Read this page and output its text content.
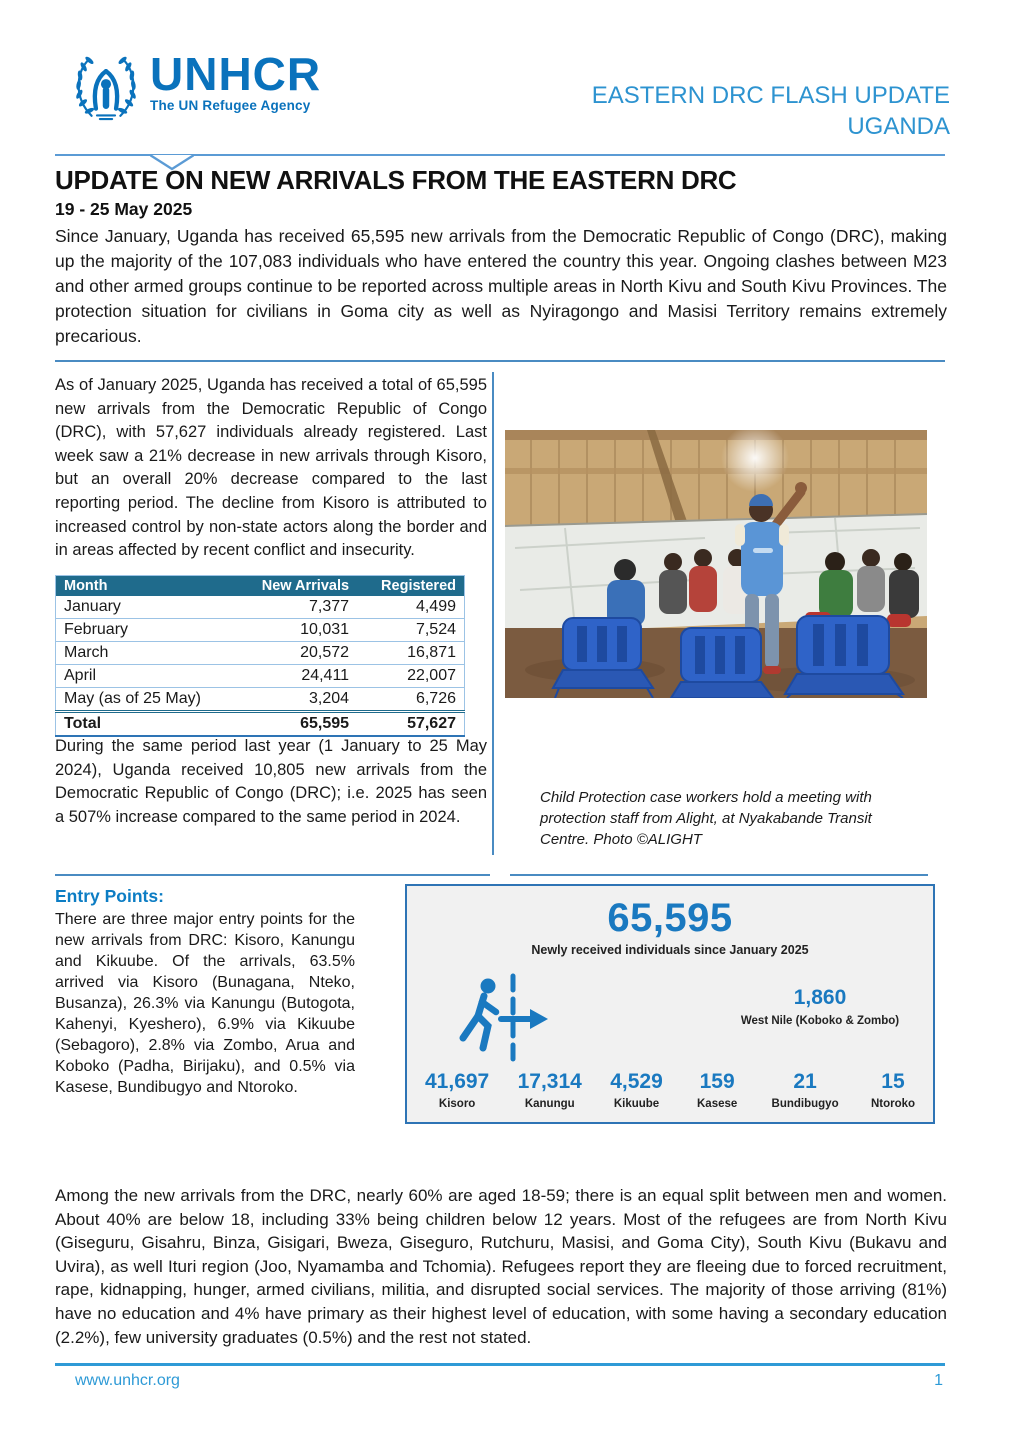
UNHCR
The UN Refugee Agency	EASTERN DRC FLASH UPDATE
UGANDA
UPDATE ON NEW ARRIVALS FROM THE EASTERN DRC
19 - 25 May 2025
Since January, Uganda has received 65,595 new arrivals from the Democratic Republic of Congo (DRC), making up the majority of the 107,083 individuals who have entered the country this year. Ongoing clashes between M23 and other armed groups continue to be reported across multiple areas in North Kivu and South Kivu Provinces. The protection situation for civilians in Goma city as well as Nyiragongo and Masisi Territory remains extremely precarious.
As of January 2025, Uganda has received a total of 65,595 new arrivals from the Democratic Republic of Congo (DRC), with 57,627 individuals already registered. Last week saw a 21% decrease in new arrivals through Kisoro, but an overall 20% decrease compared to the last reporting period. The decline from Kisoro is attributed to increased control by non-state actors along the border and in areas affected by recent conflict and insecurity.
Month	New Arrivals	Registered
January	7,377	4,499
February	10,031	7,524
March	20,572	16,871
April	24,411	22,007
May (as of 25 May)	3,204	6,726
Total	65,595	57,627
During the same period last year (1 January to 25 May 2024), Uganda received 10,805 new arrivals from the Democratic Republic of Congo (DRC); i.e. 2025 has seen a 507% increase compared to the same period in 2024.
Child Protection case workers hold a meeting with protection staff from Alight, at Nyakabande Transit Centre. Photo ©ALIGHT
Entry Points:
There are three major entry points for the new arrivals from DRC: Kisoro, Kanungu and Kikuube. Of the arrivals, 63.5% arrived via Kisoro (Bunagana, Nteko, Busanza), 26.3% via Kanungu (Butogota, Kahenyi, Kyeshero), 6.9% via Kikuube (Sebagoro), 2.8% via Zombo, Arua and Koboko (Padha, Birijaku), and 0.5% via Kasese, Bundibugyo and Ntoroko.
65,595
Newly received individuals since January 2025
1,860
West Nile (Koboko & Zombo)
41,697
Kisoro
17,314
Kanungu
4,529
Kikuube
159
Kasese
21
Bundibugyo
15
Ntoroko
Among the new arrivals from the DRC, nearly 60% are aged 18-59; there is an equal split between men and women. About 40% are below 18, including 33% being children below 12 years. Most of the refugees are from North Kivu (Giseguru, Gisahru, Binza, Gisigari, Bweza, Giseguro, Rutchuru, Masisi, and Goma City), South Kivu (Bukavu and Uvira), as well Ituri region (Joo, Nyamamba and Tchomia). Refugees report they are fleeing due to forced recruitment, rape, kidnapping, hunger, armed civilians, militia, and disrupted social services. The majority of those arriving (81%) have no education and 4% have primary as their highest level of education, with some having a secondary education (2.2%), few university graduates (0.5%) and the rest not stated.
www.unhcr.org	1
